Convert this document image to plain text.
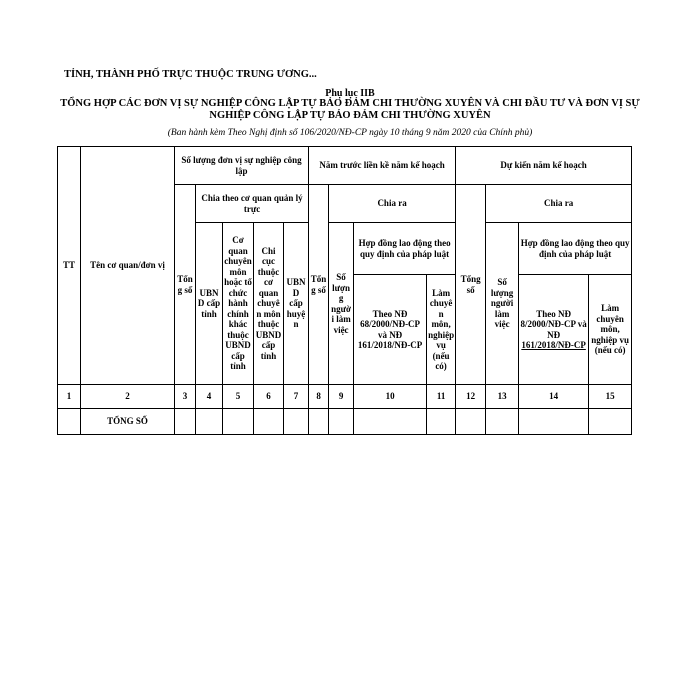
TỈNH, THÀNH PHỐ TRỰC THUỘC TRUNG ƯƠNG...
Phụ lục IIB
TỔNG HỢP CÁC ĐƠN VỊ SỰ NGHIỆP CÔNG LẬP TỰ BẢO ĐẢM CHI THƯỜNG XUYÊN VÀ CHI ĐẦU TƯ VÀ ĐƠN VỊ SỰ NGHIỆP CÔNG LẬP TỰ BẢO ĐẢM CHI THƯỜNG XUYÊN
(Ban hành kèm Theo Nghị định số 106/2020/NĐ-CP ngày 10 tháng 9 năm 2020 của Chính phủ)
TT	Tên cơ quan/đơn vị	Số lượng đơn vị sự nghiệp công lập					Năm trước liền kề năm kế hoạch				Dự kiến năm kế hoạch			
		Tổng số	Chia theo cơ quan quản lý trực				Tổng số	Chia ra			Tổng số	Chia ra		
			UBND cấp tỉnh	Cơ quan chuyên môn hoặc tổ chức hành chính khác thuộc UBND cấp tỉnh	Chi cục thuộc cơ quan chuyên môn thuộc UBND cấp tỉnh	UBND cấp huyện		Số lượng người làm việc	Hợp đồng lao động theo quy định của pháp luật			Số lượng người làm việc	Hợp đồng lao động theo quy định của pháp luật	
									Theo NĐ 68/2000/NĐ-CP và NĐ 161/2018/NĐ-CP	Làm chuyên môn, nghiệp vụ (nếu có)			Theo NĐ 8/2000/NĐ-CP và NĐ 161/2018/NĐ-CP	Làm chuyên môn, nghiệp vụ (nếu có)

1	2	3	4	5	6	7	8	9	10	11	12	13	14	15
	TỔNG SỐ													
